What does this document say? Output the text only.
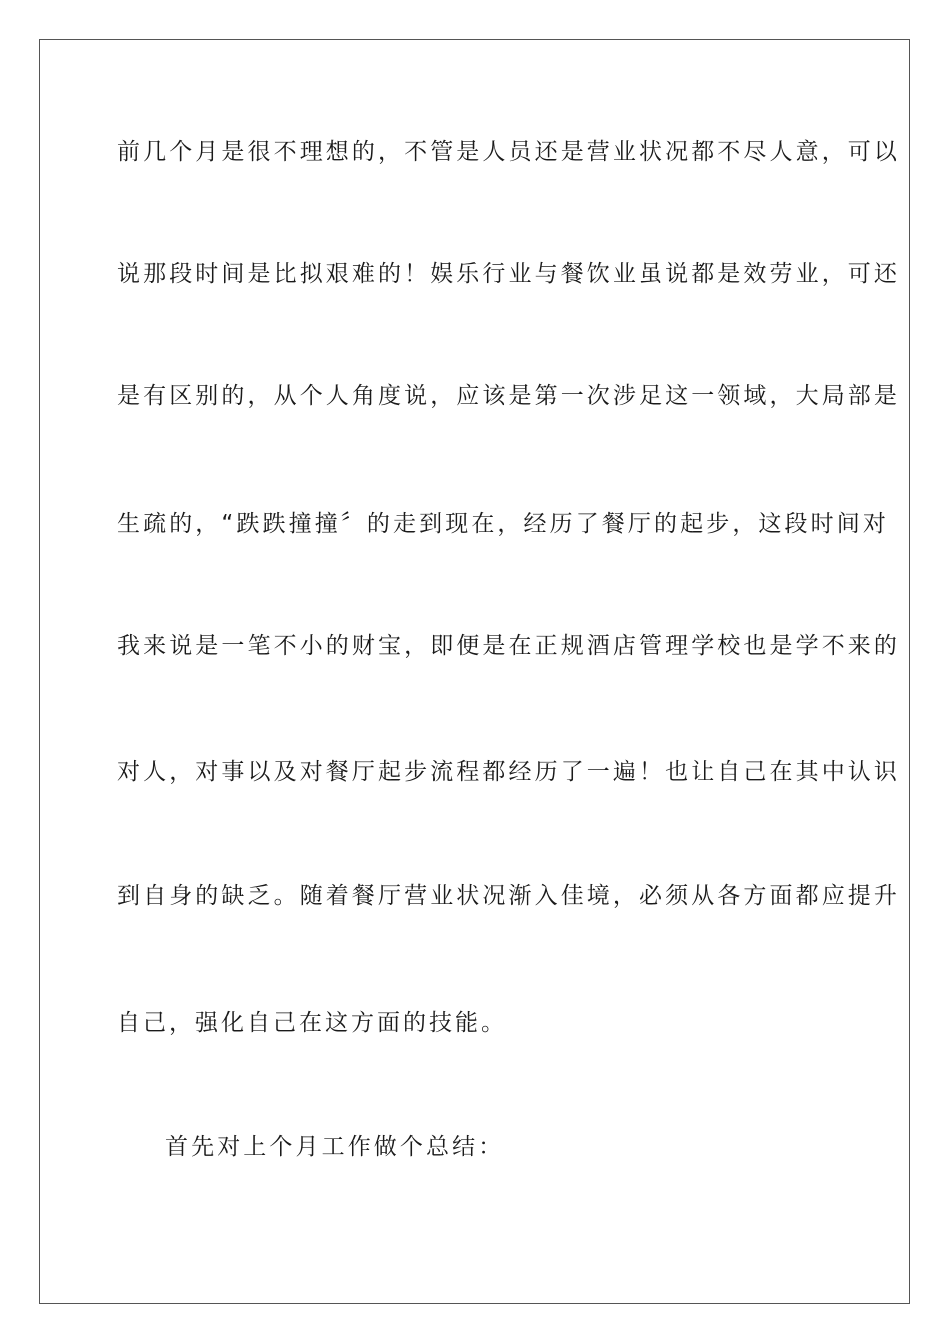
前几个月是很不理想的，不管是人员还是营业状况都不尽人意，可以
说那段时间是比拟艰难的！娱乐行业与餐饮业虽说都是效劳业，可还
是有区别的，从个人角度说，应该是第一次涉足这一领域，大局部是
生疏的，“跌跌撞撞〞的走到现在，经历了餐厅的起步，这段时间对
我来说是一笔不小的财宝，即便是在正规酒店管理学校也是学不来的
对人，对事以及对餐厅起步流程都经历了一遍！也让自己在其中认识
到自身的缺乏。随着餐厅营业状况渐入佳境，必须从各方面都应提升
自己，强化自己在这方面的技能。
首先对上个月工作做个总结：
